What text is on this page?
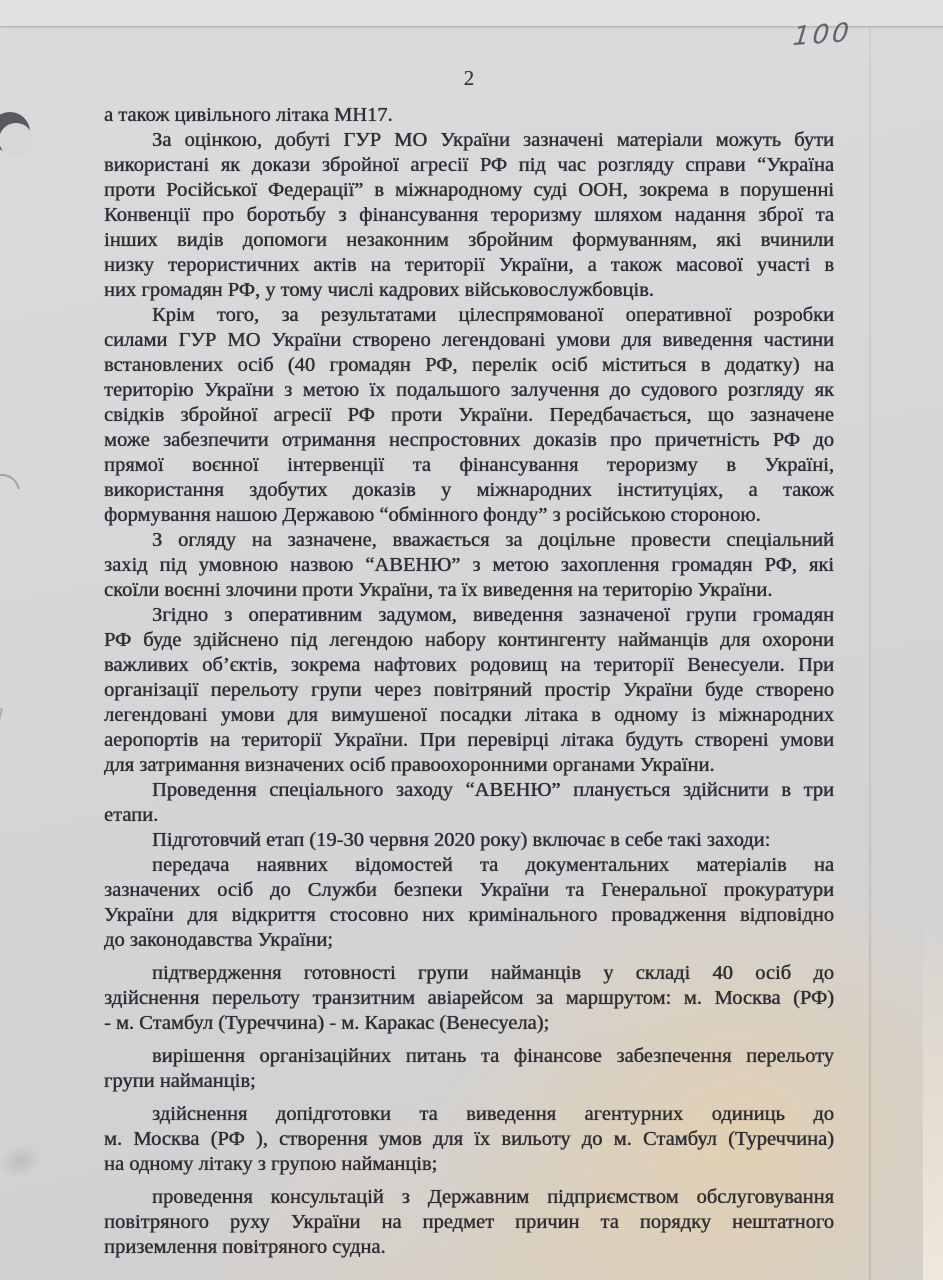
100
2
а також цивільного літака МН17.
За оцінкою, добуті ГУР МО України зазначені матеріали можуть бути
використані як докази збройної агресії РФ під час розгляду справи “Україна
проти Російської Федерації” в міжнародному суді ООН, зокрема в порушенні
Конвенції про боротьбу з фінансування тероризму шляхом надання зброї та
інших видів допомоги незаконним збройним формуванням, які вчинили
низку терористичних актів на території України, а також масової участі в
них громадян РФ, у тому числі кадрових військовослужбовців.
Крім того, за результатами цілеспрямованої оперативної розробки
силами ГУР МО України створено легендовані умови для виведення частини
встановлених осіб (40 громадян РФ, перелік осіб міститься в додатку) на
територію України з метою їх подальшого залучення до судового розгляду як
свідків збройної агресії РФ проти України. Передбачається, що зазначене
може забезпечити отримання неспростовних доказів про причетність РФ до
прямої воєнної інтервенції та фінансування тероризму в Україні,
використання здобутих доказів у міжнародних інституціях, а також
формування нашою Державою “обмінного фонду” з російською стороною.
З огляду на зазначене, вважається за доцільне провести спеціальний
захід під умовною назвою “АВЕНЮ” з метою захоплення громадян РФ, які
скоїли воєнні злочини проти України, та їх виведення на територію України.
Згідно з оперативним задумом, виведення зазначеної групи громадян
РФ буде здійснено під легендою набору контингенту найманців для охорони
важливих об’єктів, зокрема нафтових родовищ на території Венесуели. При
організації перельоту групи через повітряний простір України буде створено
легендовані умови для вимушеної посадки літака в одному із міжнародних
аеропортів на території України. При перевірці літака будуть створені умови
для затримання визначених осіб правоохоронними органами України.
Проведення спеціального заходу “АВЕНЮ” планується здійснити в три
етапи.
Підготовчий етап (19-30 червня 2020 року) включає в себе такі заходи:
передача наявних відомостей та документальних матеріалів на
зазначених осіб до Служби безпеки України та Генеральної прокуратури
України для відкриття стосовно них кримінального провадження відповідно
до законодавства України;
підтвердження готовності групи найманців у складі 40 осіб до
здійснення перельоту транзитним авіарейсом за маршрутом: м. Москва (РФ)
- м. Стамбул (Туреччина) - м. Каракас (Венесуела);
вирішення організаційних питань та фінансове забезпечення перельоту
групи найманців;
здійснення допідготовки та виведення агентурних одиниць до
м. Москва (РФ ), створення умов для їх вильоту до м. Стамбул (Туреччина)
на одному літаку з групою найманців;
проведення консультацій з Державним підприємством обслуговування
повітряного руху України на предмет причин та порядку нештатного
приземлення повітряного судна.
